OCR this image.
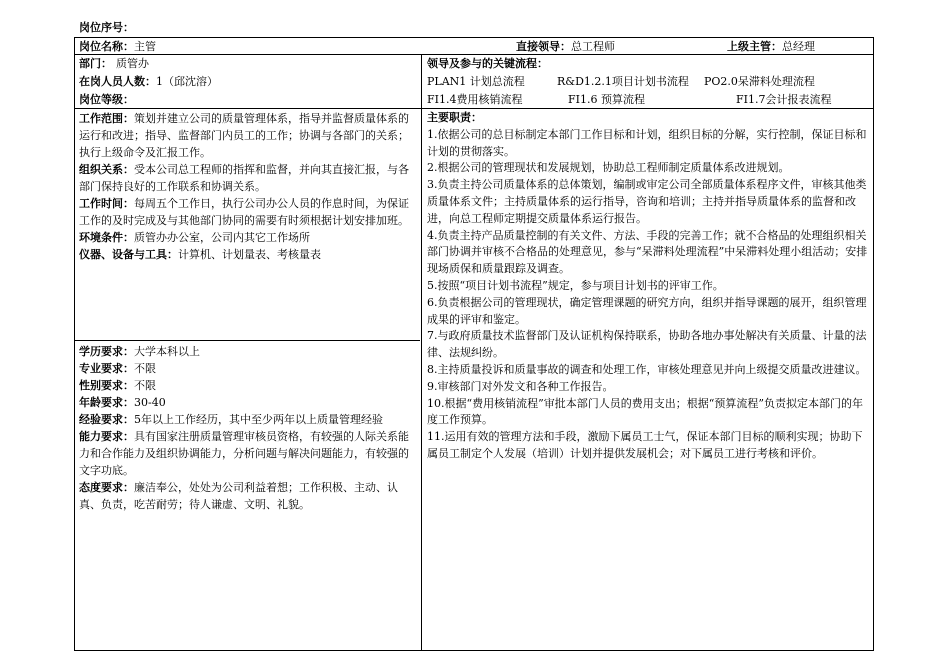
岗位序号：
岗位名称：主管	直接领导：总工程师	上级主管：总经理
部门： 质管办
在岗人员人数：1（邱沈溶）
岗位等级：
领导及参与的关键流程：
PLAN1 计划总流程	R&D1.2.1项目计划书流程 PO2.0呆滞料处理流程
FI1.4费用核销流程	FI1.6 预算流程	FI1.7会计报表流程

工作范围：策划并建立公司的质量管理体系，指导并监督质量体系的运行和改进；指导、监督部门内员工的工作；协调与各部门的关系；执行上级命令及汇报工作。

组织关系：受本公司总工程师的指挥和监督，并向其直接汇报，与各部门保持良好的工作联系和协调关系。

工作时间：每周五个工作日，执行公司办公人员的作息时间，为保证工作的及时完成及与其他部门协同的需要有时须根据计划安排加班。

环境条件：质管办办公室，公司内其它工作场所

仪器、设备与工具：计算机、计划量表、考核量表

学历要求：大学本科以上

专业要求：不限

性别要求：不限

年龄要求：30-40

经验要求：5年以上工作经历，其中至少两年以上质量管理经验

能力要求：具有国家注册质量管理审核员资格，有较强的人际关系能力和合作能力及组织协调能力，分析问题与解决问题能力，有较强的文字功底。

态度要求：廉洁奉公，处处为公司利益着想；工作积极、主动、认真、负责，吃苦耐劳；待人谦虚、文明、礼貌。

主要职责：

1.依据公司的总目标制定本部门工作目标和计划，组织目标的分解，实行控制，保证目标和计划的贯彻落实。

2.根据公司的管理现状和发展规划，协助总工程师制定质量体系改进规划。

3.负责主持公司质量体系的总体策划，编制或审定公司全部质量体系程序文件，审核其他类质量体系文件；主持质量体系的运行指导，咨询和培训；主持并指导质量体系的监督和改进，向总工程师定期提交质量体系运行报告。

4.负责主持产品质量控制的有关文件、方法、手段的完善工作；就不合格品的处理组织相关部门协调并审核不合格品的处理意见，参与“呆滞料处理流程”中呆滞料处理小组活动；安排现场质保和质量跟踪及调查。

5.按照“项目计划书流程”规定，参与项目计划书的评审工作。

6.负责根据公司的管理现状，确定管理课题的研究方向，组织并指导课题的展开，组织管理成果的评审和鉴定。

7.与政府质量技术监督部门及认证机构保持联系，协助各地办事处解决有关质量、计量的法律、法规纠纷。

8.主持质量投诉和质量事故的调查和处理工作，审核处理意见并向上级提交质量改进建议。

9.审核部门对外发文和各种工作报告。

10.根据“费用核销流程”审批本部门人员的费用支出；根据“预算流程”负责拟定本部门的年度工作预算。

11.运用有效的管理方法和手段，激励下属员工士气，保证本部门目标的顺利实现；协助下属员工制定个人发展（培训）计划并提供发展机会；对下属员工进行考核和评价。
